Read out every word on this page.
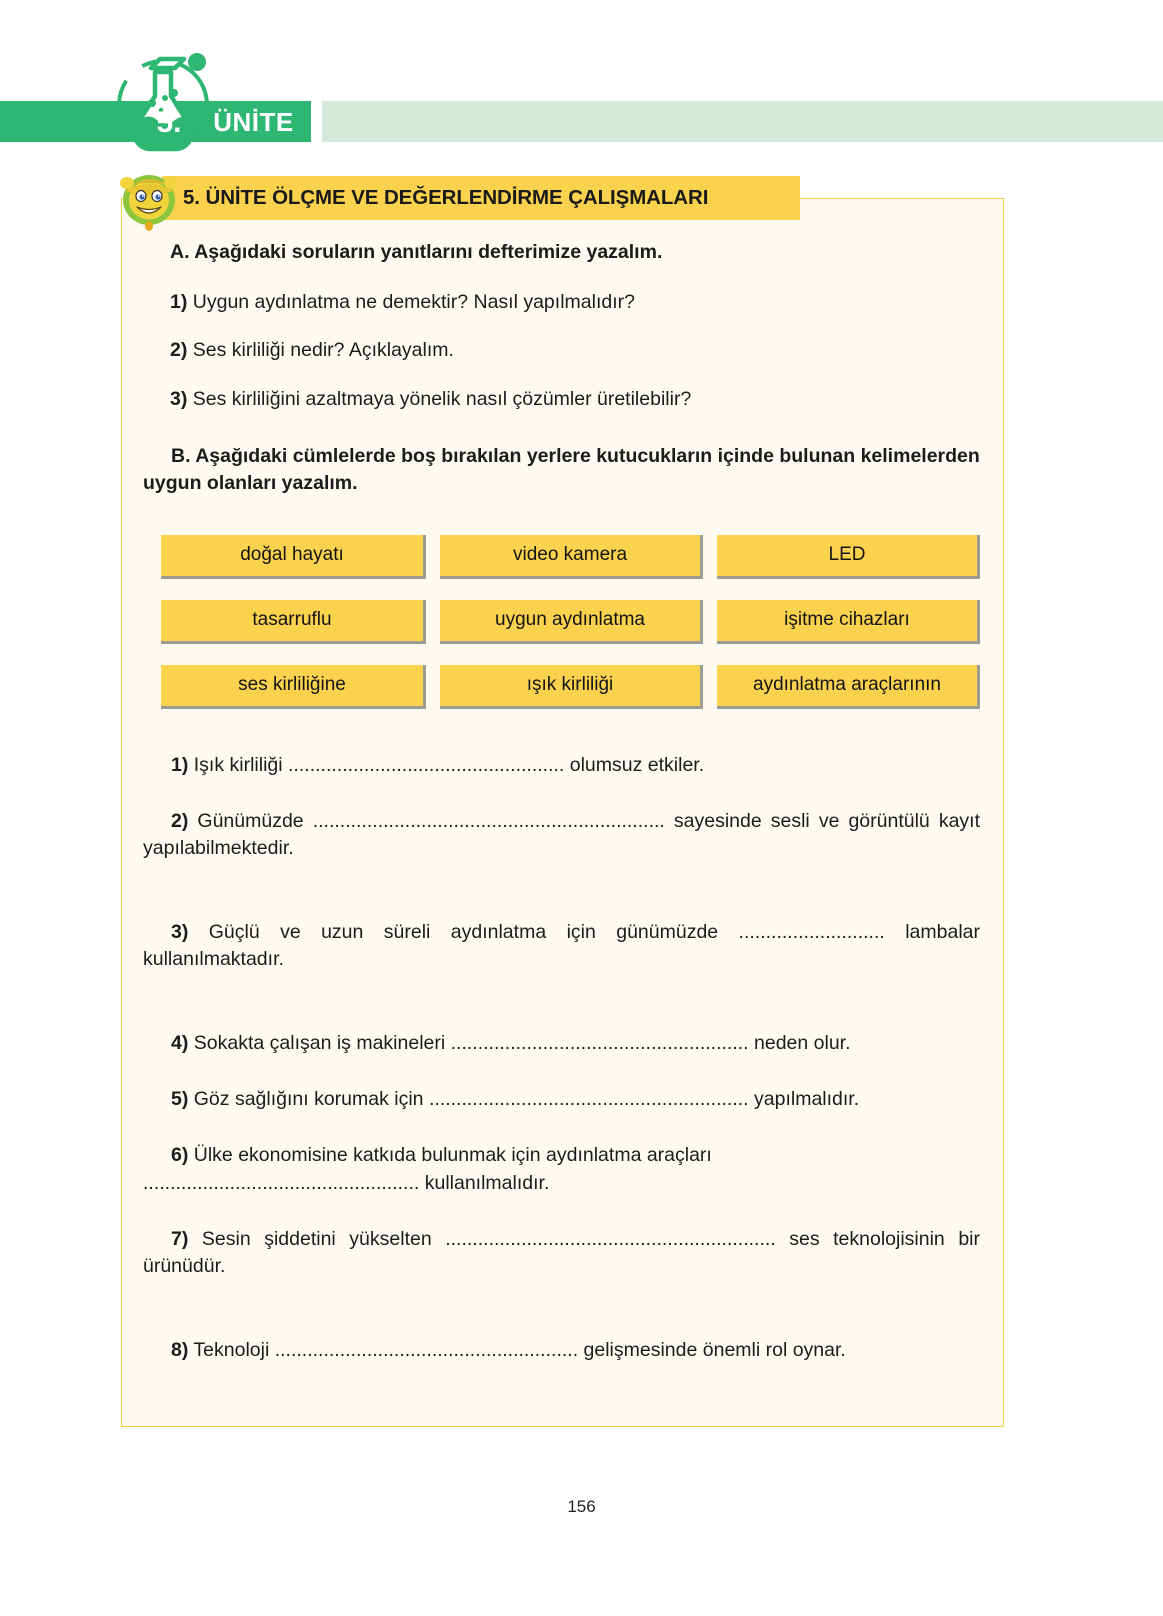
ÜNİTE
5.

A. Aşağıdaki soruların yanıtlarını defterimize yazalım.

1) Uygun aydınlatma ne demektir? Nasıl yapılmalıdır?

2) Ses kirliliği nedir? Açıklayalım.

3) Ses kirliliğini azaltmaya yönelik nasıl çözümler üretilebilir?

B. Aşağıdaki cümlelerde boş bırakılan yerlere kutucukların içinde bulunan kelimelerden uygun olanları yazalım.

doğal hayatı	video kamera	LED
tasarruflu	uygun aydınlatma	işitme cihazları
ses kirliliğine	ışık kirliliği	aydınlatma araçlarının

1) Işık kirliliği ................................................... olumsuz etkiler.

2) Günümüzde ................................................................. sayesinde sesli ve görüntülü kayıt yapılabilmektedir.

3) Güçlü ve uzun süreli aydınlatma için günümüzde ........................... lambalar kullanılmaktadır.

4) Sokakta çalışan iş makineleri ....................................................... neden olur.

5) Göz sağlığını korumak için ........................................................... yapılmalıdır.

6) Ülke ekonomisine katkıda bulunmak için aydınlatma araçları ................................................... kullanılmalıdır.

7) Sesin şiddetini yükselten ............................................................. ses teknolojisinin bir ürünüdür.

8) Teknoloji ........................................................ gelişmesinde önemli rol oynar.

5. ÜNİTE ÖLÇME VE DEĞERLENDİRME ÇALIŞMALARI
156
